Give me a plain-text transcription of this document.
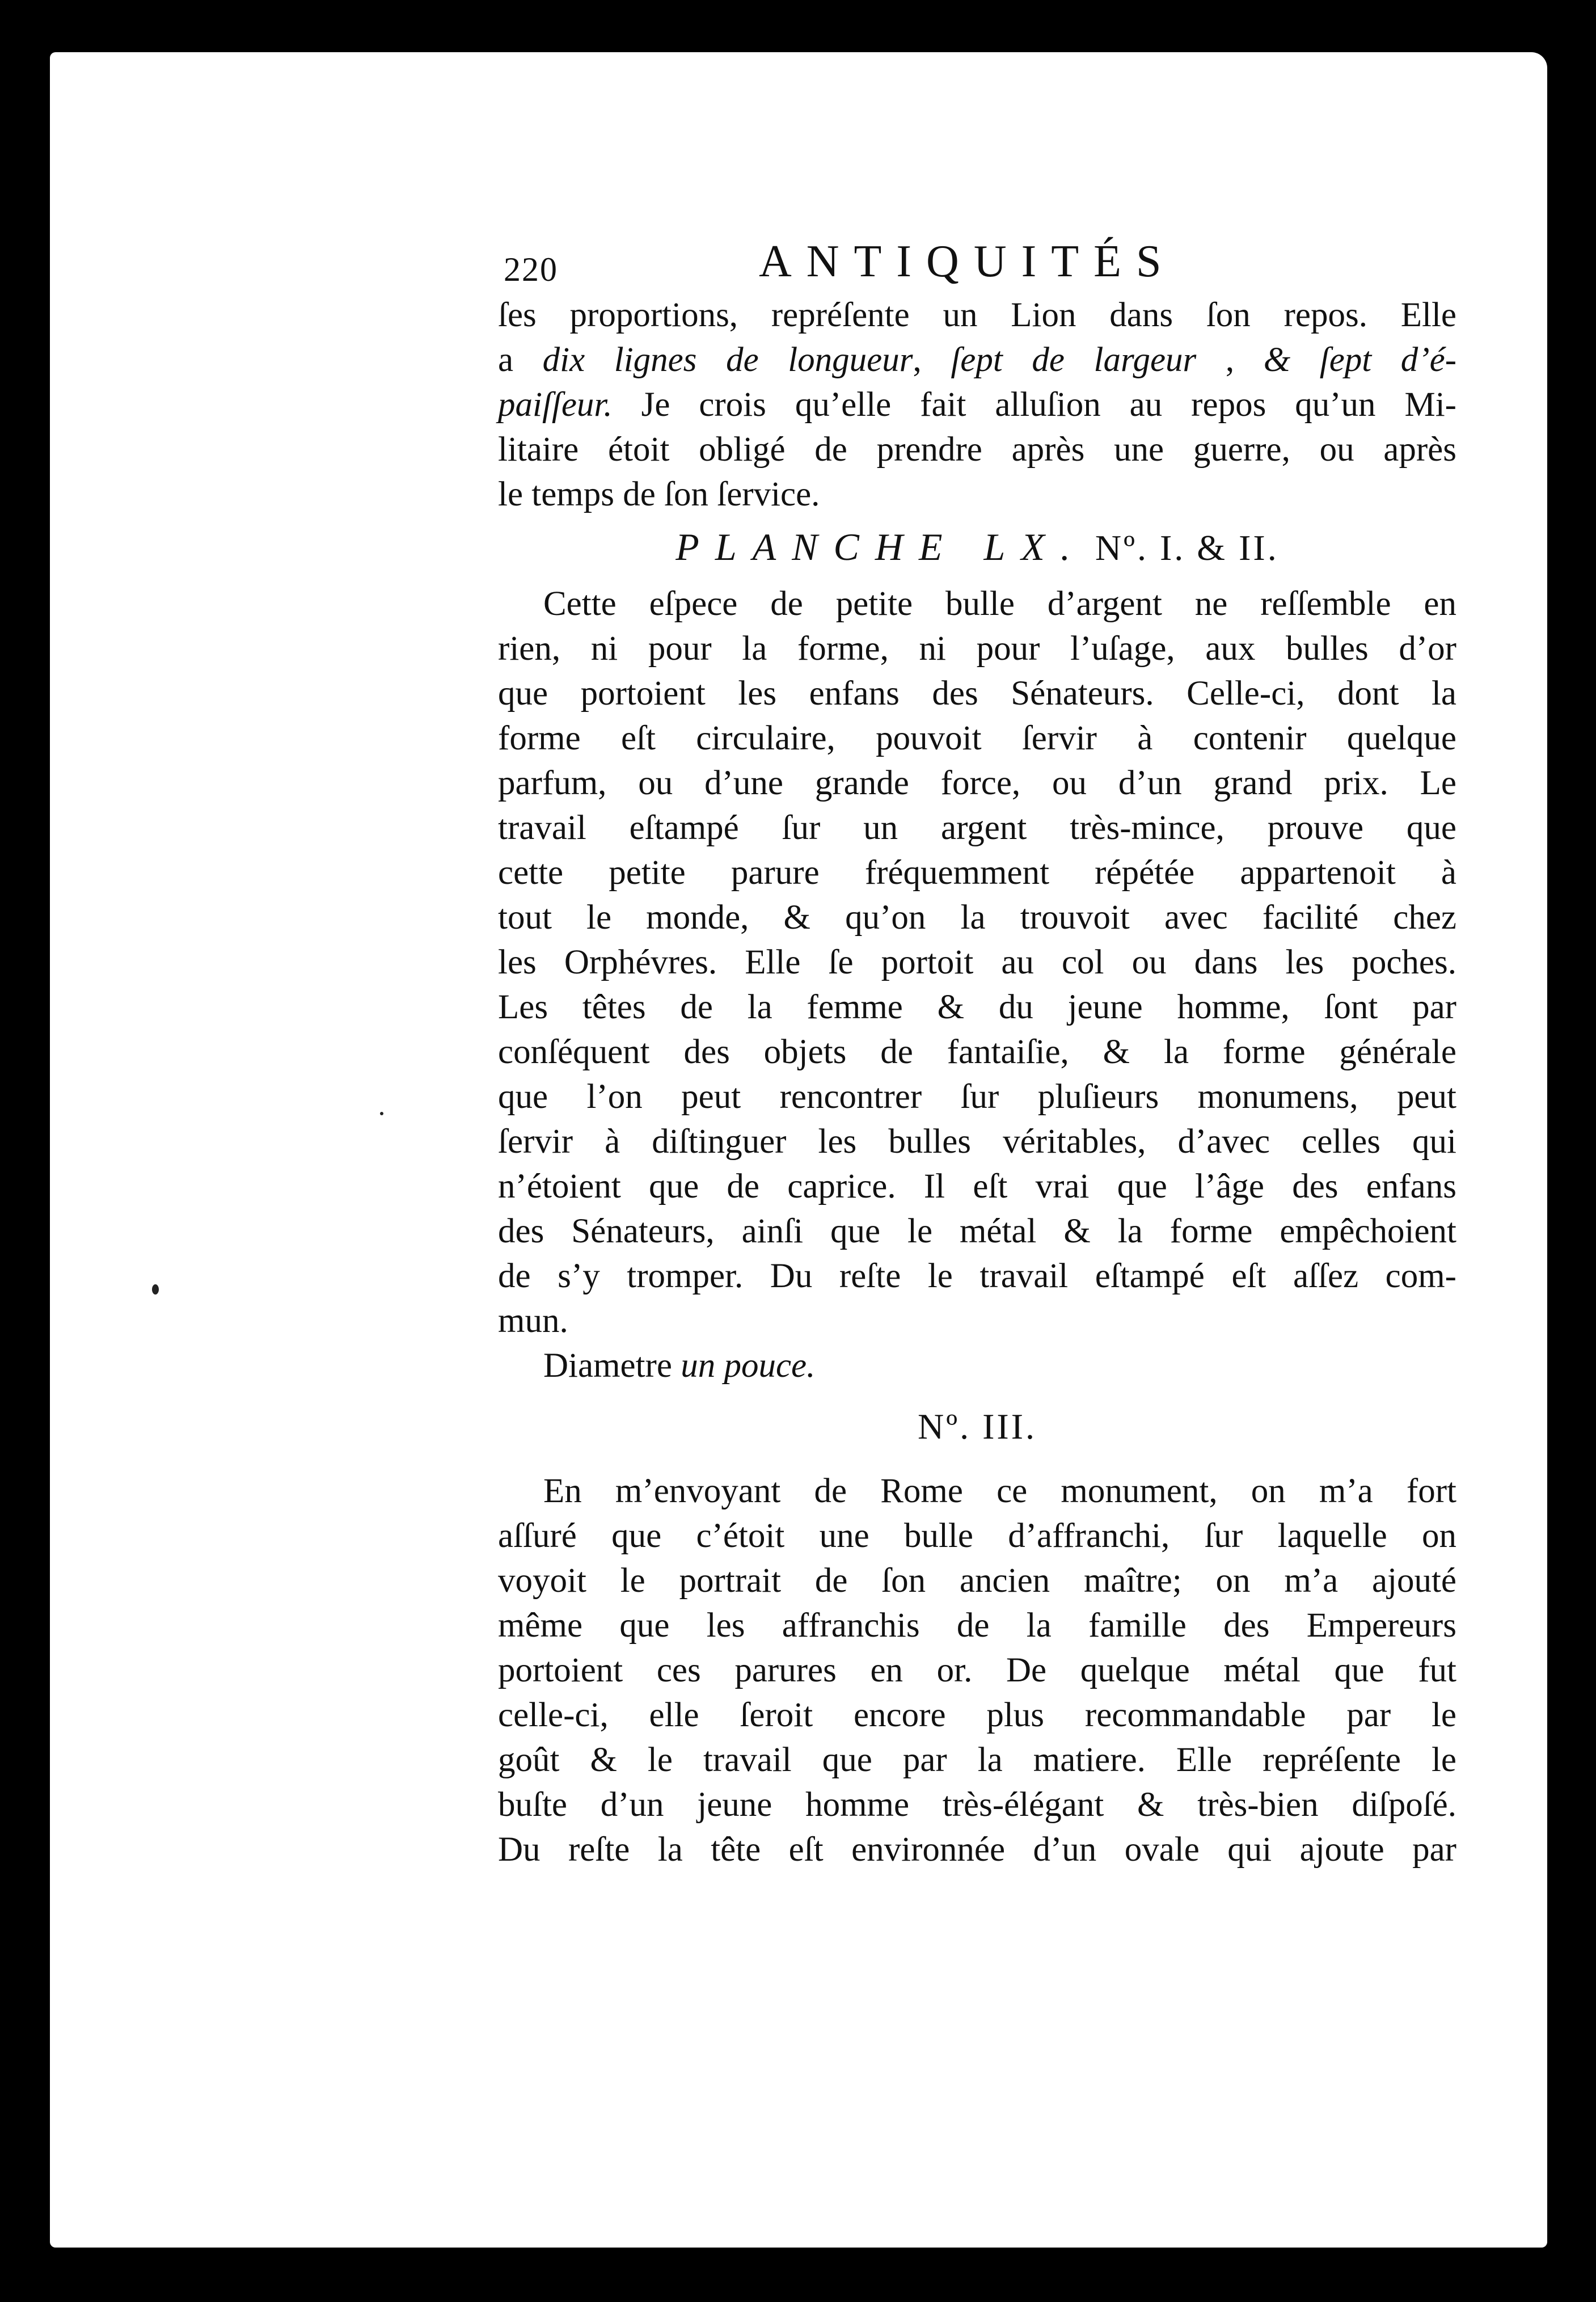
220	ANTIQUITÉS
ſes proportions, repréſente un Lion dans ſon repos. Elle
a dix lignes de longueur, ſept de largeur , & ſept d’é-
paiſſeur. Je crois qu’elle fait alluſion au repos qu’un Mi-
litaire étoit obligé de prendre après une guerre, ou après
le temps de ſon ſervice.
PLANCHE LX. Nº. I. & II.
Cette eſpece de petite bulle d’argent ne reſſemble en
rien, ni pour la forme, ni pour l’uſage, aux bulles d’or
que portoient les enfans des Sénateurs. Celle-ci, dont la
forme eſt circulaire, pouvoit ſervir à contenir quelque
parfum, ou d’une grande force, ou d’un grand prix. Le
travail eſtampé ſur un argent très-mince, prouve que
cette petite parure fréquemment répétée appartenoit à
tout le monde, & qu’on la trouvoit avec facilité chez
les Orphévres. Elle ſe portoit au col ou dans les poches.
Les têtes de la femme & du jeune homme, ſont par
conſéquent des objets de fantaiſie, & la forme générale
que l’on peut rencontrer ſur pluſieurs monumens, peut
ſervir à diſtinguer les bulles véritables, d’avec celles qui
n’étoient que de caprice. Il eſt vrai que l’âge des enfans
des Sénateurs, ainſi que le métal & la forme empêchoient
de s’y tromper. Du reſte le travail eſtampé eſt aſſez com-
mun.
Diametre un pouce.
Nº. III.
En m’envoyant de Rome ce monument, on m’a fort
aſſuré que c’étoit une bulle d’affranchi, ſur laquelle on
voyoit le portrait de ſon ancien maître; on m’a ajouté
même que les affranchis de la famille des Empereurs
portoient ces parures en or. De quelque métal que fut
celle-ci, elle ſeroit encore plus recommandable par le
goût & le travail que par la matiere. Elle repréſente le
buſte d’un jeune homme très-élégant & très-bien diſpoſé.
Du reſte la tête eſt environnée d’un ovale qui ajoute par
